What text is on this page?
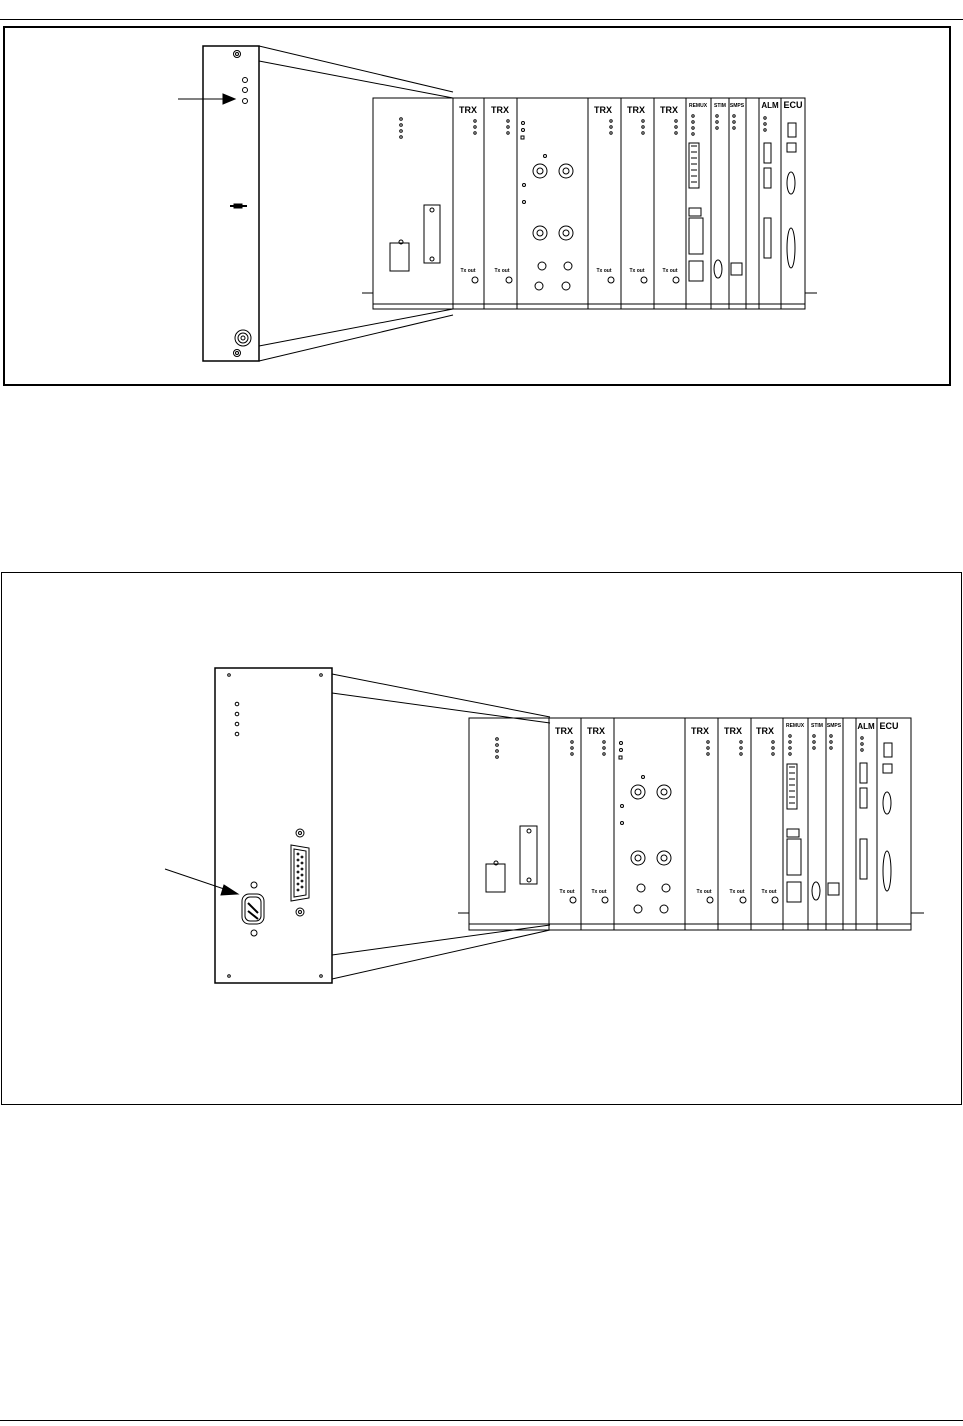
TRX
Tx out
TRX
Tx out
TRX
Tx out
TRX
Tx out
TRX
Tx out
REMUX STIM SMPS ALM ECU
TRX
Tx out
TRX
Tx out
TRX
Tx out
TRX
Tx out
TRX
Tx out
REMUX STIM SMPS ALM ECU
